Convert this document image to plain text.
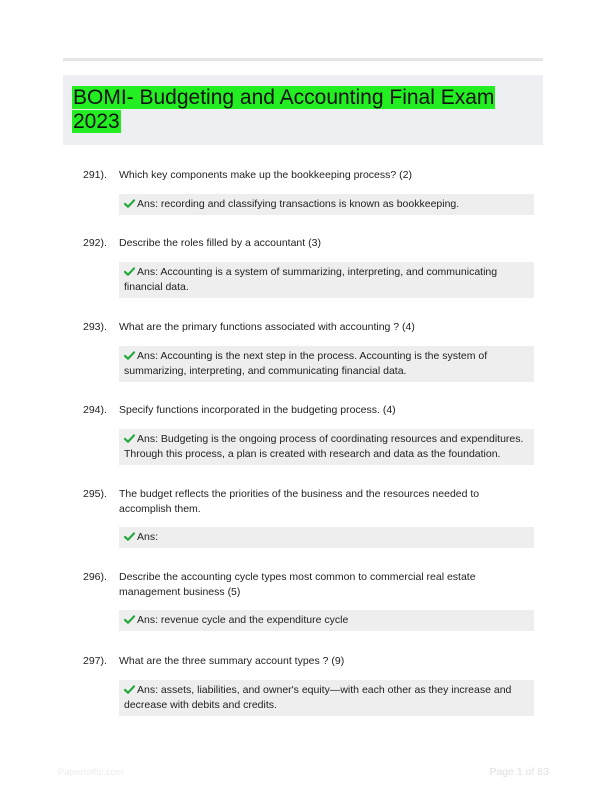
BOMI- Budgeting and Accounting Final Exam 2023
291). Which key components make up the bookkeeping process? (2)
Ans: recording and classifying transactions is known as bookkeeping.
292). Describe the roles filled by a accountant (3)
Ans: Accounting is a system of summarizing, interpreting, and communicating financial data.
293). What are the primary functions associated with accounting ? (4)
Ans: Accounting is the next step in the process. Accounting is the system of summarizing, interpreting, and communicating financial data.
294). Specify functions incorporated in the budgeting process. (4)
Ans: Budgeting is the ongoing process of coordinating resources and expenditures. Through this process, a plan is created with research and data as the foundation.
295). The budget reflects the priorities of the business and the resources needed to accomplish them.
Ans:
296). Describe the accounting cycle types most common to commercial real estate management business (5)
Ans: revenue cycle and the expenditure cycle
297). What are the three summary account types ? (9)
Ans: assets, liabilities, and owner's equity—with each other as they increase and decrease with debits and credits.
Papertoffic.com	Page 1 of 83
